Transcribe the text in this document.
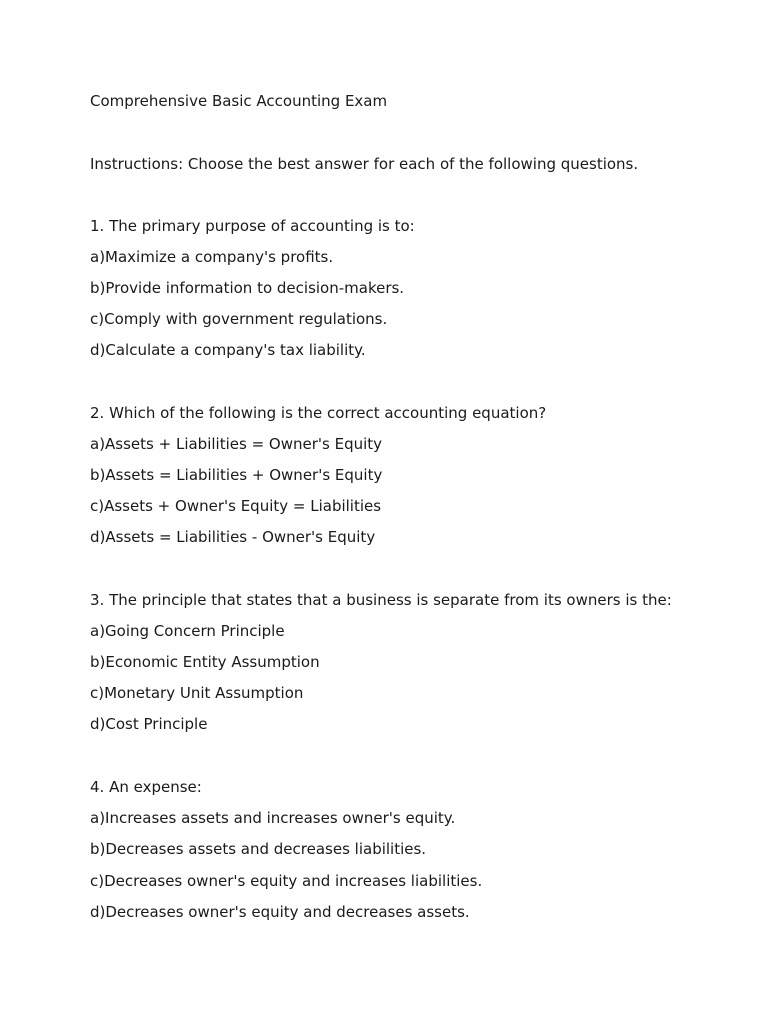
Comprehensive Basic Accounting Exam
Instructions: Choose the best answer for each of the following questions.
1. The primary purpose of accounting is to:
a)Maximize a company's profits.
b)Provide information to decision-makers.
c)Comply with government regulations.
d)Calculate a company's tax liability.
2. Which of the following is the correct accounting equation?
a)Assets + Liabilities = Owner's Equity
b)Assets = Liabilities + Owner's Equity
c)Assets + Owner's Equity = Liabilities
d)Assets = Liabilities - Owner's Equity
3. The principle that states that a business is separate from its owners is the:
a)Going Concern Principle
b)Economic Entity Assumption
c)Monetary Unit Assumption
d)Cost Principle
4. An expense:
a)Increases assets and increases owner's equity.
b)Decreases assets and decreases liabilities.
c)Decreases owner's equity and increases liabilities.
d)Decreases owner's equity and decreases assets.
